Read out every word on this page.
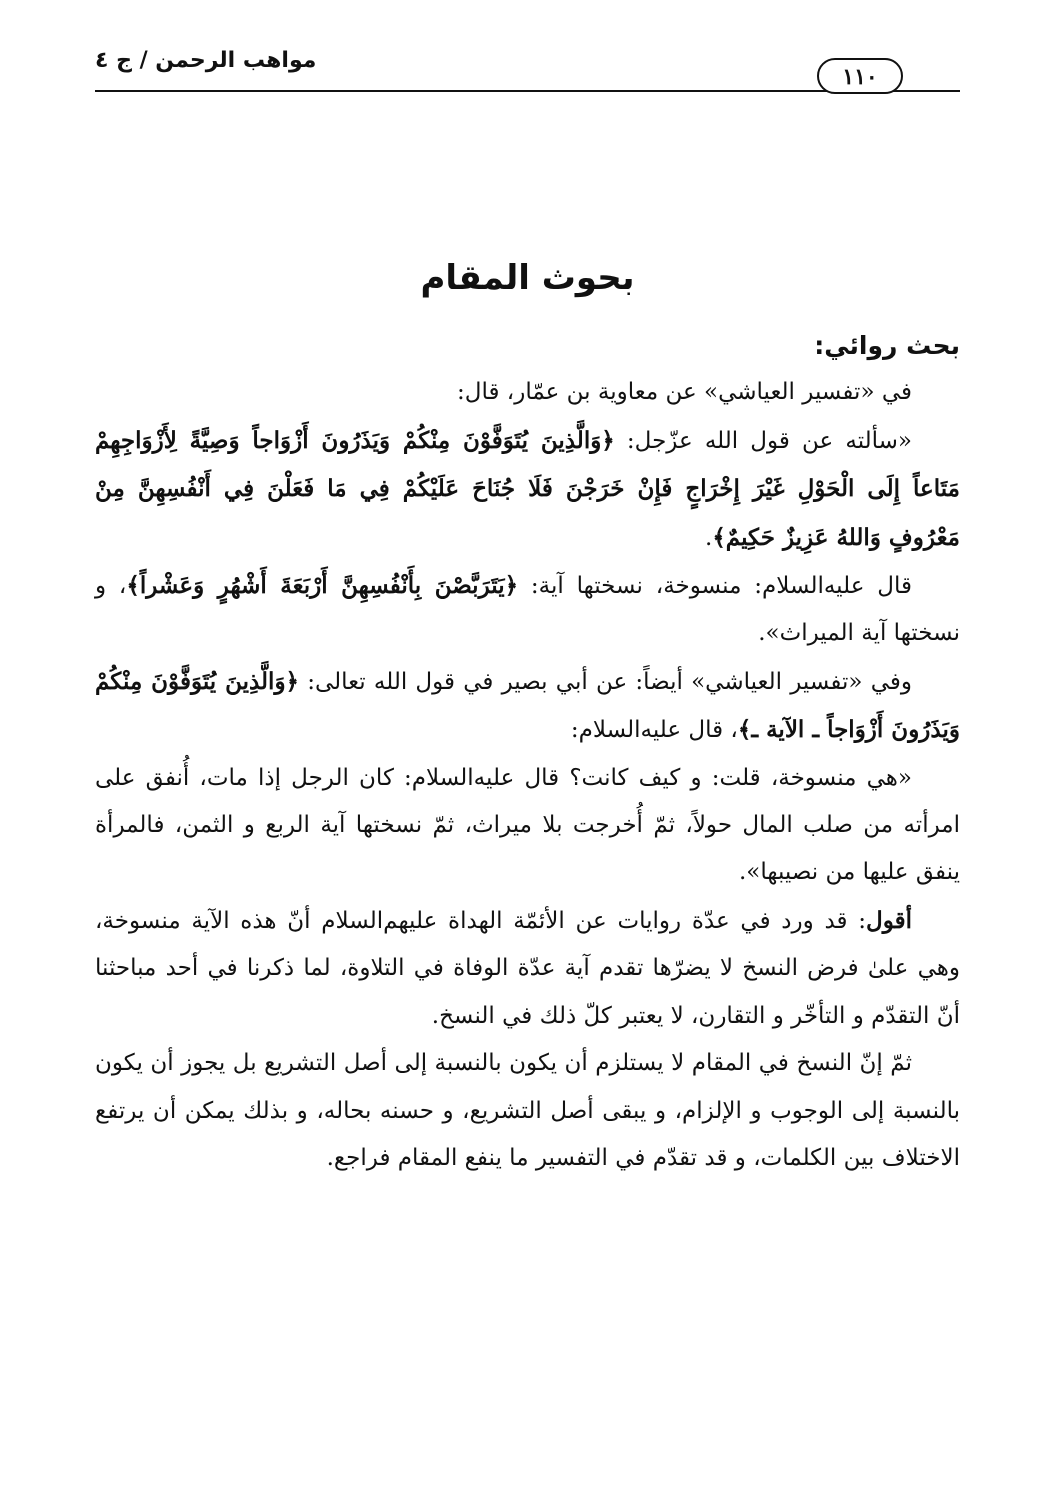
مواهب الرحمن / ج ٤
١١٠
بحوث المقام

بحث روائي:

في «تفسير العياشي» عن معاوية بن عمّار، قال:

«سألته عن قول الله عزّجل: ﴿وَالَّذِينَ يُتَوَفَّوْنَ مِنْكُمْ وَيَذَرُونَ أَزْوَاجاً وَصِيَّةً لِأَزْوَاجِهِمْ مَتَاعاً إِلَى الْحَوْلِ غَيْرَ إِخْرَاجٍ فَإِنْ خَرَجْنَ فَلَا جُنَاحَ عَلَيْكُمْ فِي مَا فَعَلْنَ فِي أَنْفُسِهِنَّ مِنْ مَعْرُوفٍ وَاللهُ عَزِيزٌ حَكِيمٌ﴾.

قال عليه‌السلام: منسوخة، نسختها آية: ﴿يَتَرَبَّصْنَ بِأَنْفُسِهِنَّ أَرْبَعَةَ أَشْهُرٍ وَعَشْراً﴾، و نسختها آية الميراث».

وفي «تفسير العياشي» أيضاً: عن أبي بصير في قول الله تعالى: ﴿وَالَّذِينَ يُتَوَفَّوْنَ مِنْكُمْ وَيَذَرُونَ أَزْوَاجاً ـ الآية ـ﴾، قال عليه‌السلام:

«هي منسوخة، قلت: و كيف كانت؟ قال عليه‌السلام: كان الرجل إذا مات، أُنفق على امرأته من صلب المال حولاً، ثمّ أُخرجت بلا ميراث، ثمّ نسختها آية الربع و الثمن، فالمرأة ينفق عليها من نصيبها».

أقول: قد ورد في عدّة روايات عن الأئمّة الهداة عليهم‌السلام أنّ هذه الآية منسوخة، وهي علىٰ فرض النسخ لا يضرّها تقدم آية عدّة الوفاة في التلاوة، لما ذكرنا في أحد مباحثنا أنّ التقدّم و التأخّر و التقارن، لا يعتبر كلّ ذلك في النسخ.

ثمّ إنّ النسخ في المقام لا يستلزم أن يكون بالنسبة إلى أصل التشريع بل يجوز أن يكون بالنسبة إلى الوجوب و الإلزام، و يبقى أصل التشريع، و حسنه بحاله، و بذلك يمكن أن يرتفع الاختلاف بين الكلمات، و قد تقدّم في التفسير ما ينفع المقام فراجع.
